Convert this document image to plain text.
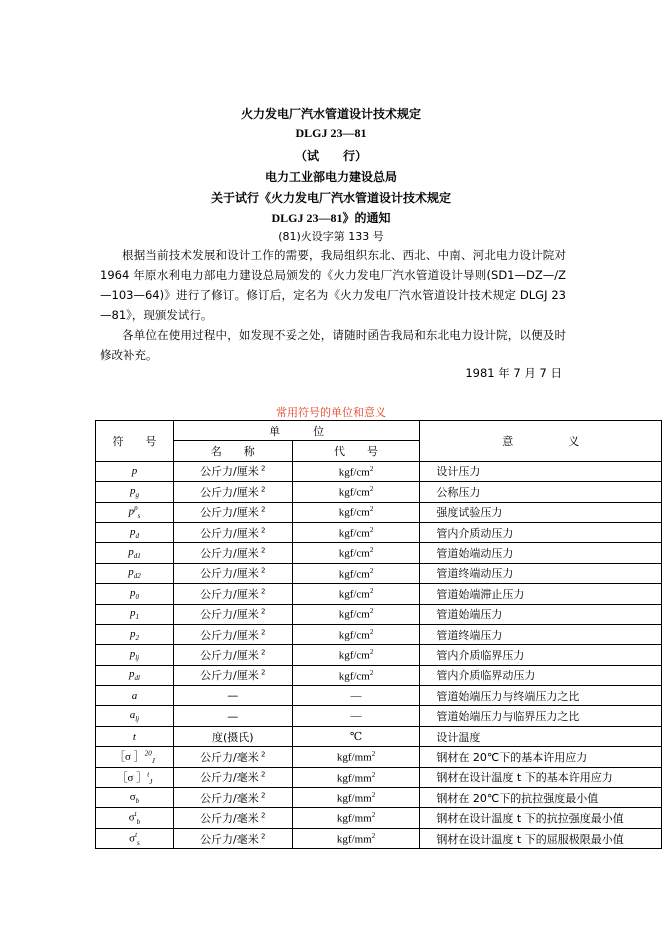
火力发电厂汽水管道设计技术规定
DLGJ 23—81
（试　　行）
电力工业部电力建设总局
关于试行《火力发电厂汽水管道设计技术规定
DLGJ 23—81》的通知
(81)火设字第 133 号

根据当前技术发展和设计工作的需要，我局组织东北、西北、中南、河北电力设计院对 1964 年原水利电力部电力建设总局颁发的《火力发电厂汽水管道设计导则(SD1—DZ—/Z—103—64)》进行了修订。修订后，定名为《火力发电厂汽水管道设计技术规定 DLGJ 23—81》，现颁发试行。

各单位在使用过程中，如发现不妥之处，请随时函告我局和东北电力设计院，以便及时修改补充。

1981 年 7 月 7 日
常用符号的单位和意义
符　　号	单　　　位		意　　　　　义
	名　　称	代　　号	
p	公斤力/厘米 $^2$	kgf/$cm^2$	设计压力
$p_g$	公斤力/厘米 $^2$	kgf/$cm^2$	公称压力
$p^p_s$	公斤力/厘米 $^2$	kgf/$cm^2$	强度试验压力
$p_d$	公斤力/厘米 $^2$	kgf/$cm^2$	管内介质动压力
$p_{d1}$	公斤力/厘米 $^2$	kgf/$cm^2$	管道始端动压力
$p_{d2}$	公斤力/厘米 $^2$	kgf/$cm^2$	管道终端动压力
$p_0$	公斤力/厘米 $^2$	kgf/$cm^2$	管道始端滞止压力
$p_1$	公斤力/厘米 $^2$	kgf/$cm^2$	管道始端压力
$p_2$	公斤力/厘米 $^2$	kgf/$cm^2$	管道终端压力
$p_{lj}$	公斤力/厘米 $^2$	kgf/$cm^2$	管内介质临界压力
$p_{dl}$	公斤力/厘米 $^2$	kgf/$cm^2$	管内介质临界动压力
a	—	—	管道始端压力与终端压力之比
$a_{lj}$	—	—	管道始端压力与临界压力之比
t	度(摄氏)	℃	设计温度
［σ ］$^{20}_J$	公斤力/毫米 $^2$	kgf/$mm^2$	钢材在 20℃下的基本许用应力
［σ ］$^t_J$	公斤力/毫米 $^2$	kgf/$mm^2$	钢材在设计温度 t 下的基本许用应力
$\sigma_b$	公斤力/毫米 $^2$	kgf/$mm^2$	钢材在 20℃下的抗拉强度最小值
$\sigma^t_b$	公斤力/毫米 $^2$	kgf/$mm^2$	钢材在设计温度 t 下的抗拉强度最小值
$\sigma^t_s$	公斤力/毫米 $^2$	kgf/$mm^2$	钢材在设计温度 t 下的屈服极限最小值
